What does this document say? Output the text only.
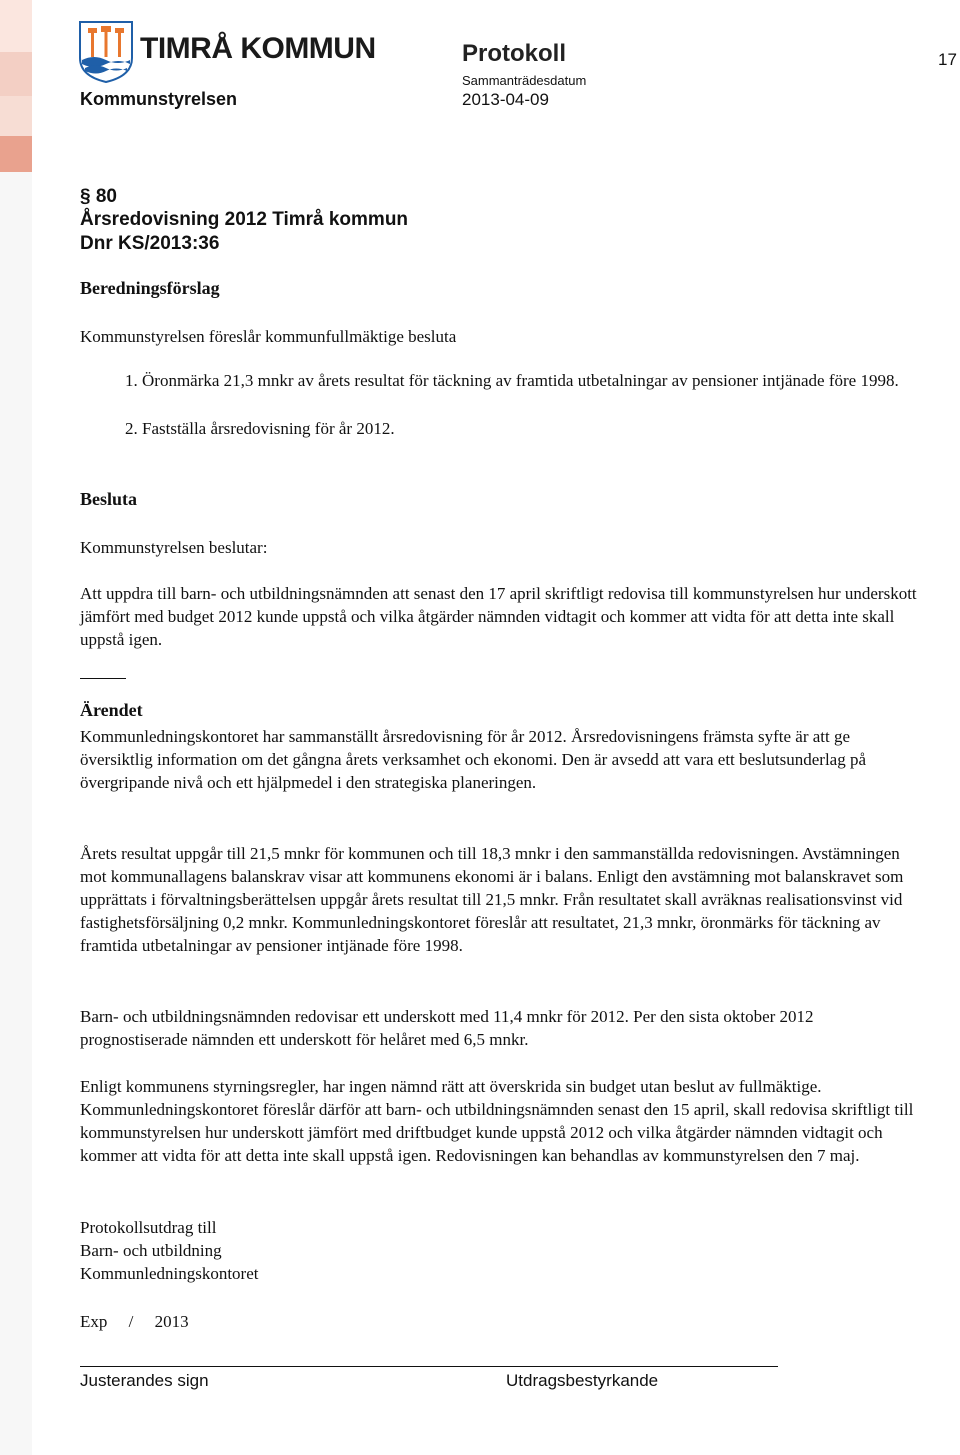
TIMRÅ KOMMUN
Kommunstyrelsen
Protokoll	17
Sammanträdesdatum
2013-04-09
§ 80
Årsredovisning 2012 Timrå kommun
Dnr KS/2013:36
Beredningsförslag

Kommunstyrelsen föreslår kommunfullmäktige besluta

1. Öronmärka 21,3 mnkr av årets resultat för täckning av framtida utbetalningar av pensioner intjänade före 1998.
2. Fastställa årsredovisning för år 2012.
Besluta

Kommunstyrelsen beslutar:

Att uppdra till barn- och utbildningsnämnden att senast den 17 april skriftligt redovisa till kommunstyrelsen hur underskott jämfört med budget 2012 kunde uppstå och vilka åtgärder nämnden vidtagit och kommer att vidta för att detta inte skall uppstå igen.

Ärendet

Kommunledningskontoret har sammanställt årsredovisning för år 2012. Årsredovisningens främsta syfte är att ge översiktlig information om det gångna årets verksamhet och ekonomi. Den är avsedd att vara ett beslutsunderlag på övergripande nivå och ett hjälpmedel i den strategiska planeringen.

Årets resultat uppgår till 21,5 mnkr för kommunen och till 18,3 mnkr i den sammanställda redovisningen. Avstämningen mot kommunallagens balanskrav visar att kommunens ekonomi är i balans. Enligt den avstämning mot balanskravet som upprättats i förvaltningsberättelsen uppgår årets resultat till 21,5 mnkr. Från resultatet skall avräknas realisationsvinst vid fastighetsförsäljning 0,2 mnkr. Kommunledningskontoret föreslår att resultatet, 21,3 mnkr, öronmärks för täckning av framtida utbetalningar av pensioner intjänade före 1998.

Barn- och utbildningsnämnden redovisar ett underskott med 11,4 mnkr för 2012. Per den sista oktober 2012 prognostiserade nämnden ett underskott för helåret med 6,5 mnkr.

Enligt kommunens styrningsregler, har ingen nämnd rätt att överskrida sin budget utan beslut av fullmäktige. Kommunledningskontoret föreslår därför att barn- och utbildningsnämnden senast den 15 april, skall redovisa skriftligt till kommunstyrelsen hur underskott jämfört med driftbudget kunde uppstå 2012 och vilka åtgärder nämnden vidtagit och kommer att vidta för att detta inte skall uppstå igen. Redovisningen kan behandlas av kommunstyrelsen den 7 maj.

Protokollsutdrag till
Barn- och utbildning
Kommunledningskontoret
Exp     /     2013
Justerandes sign	Utdragsbestyrkande
